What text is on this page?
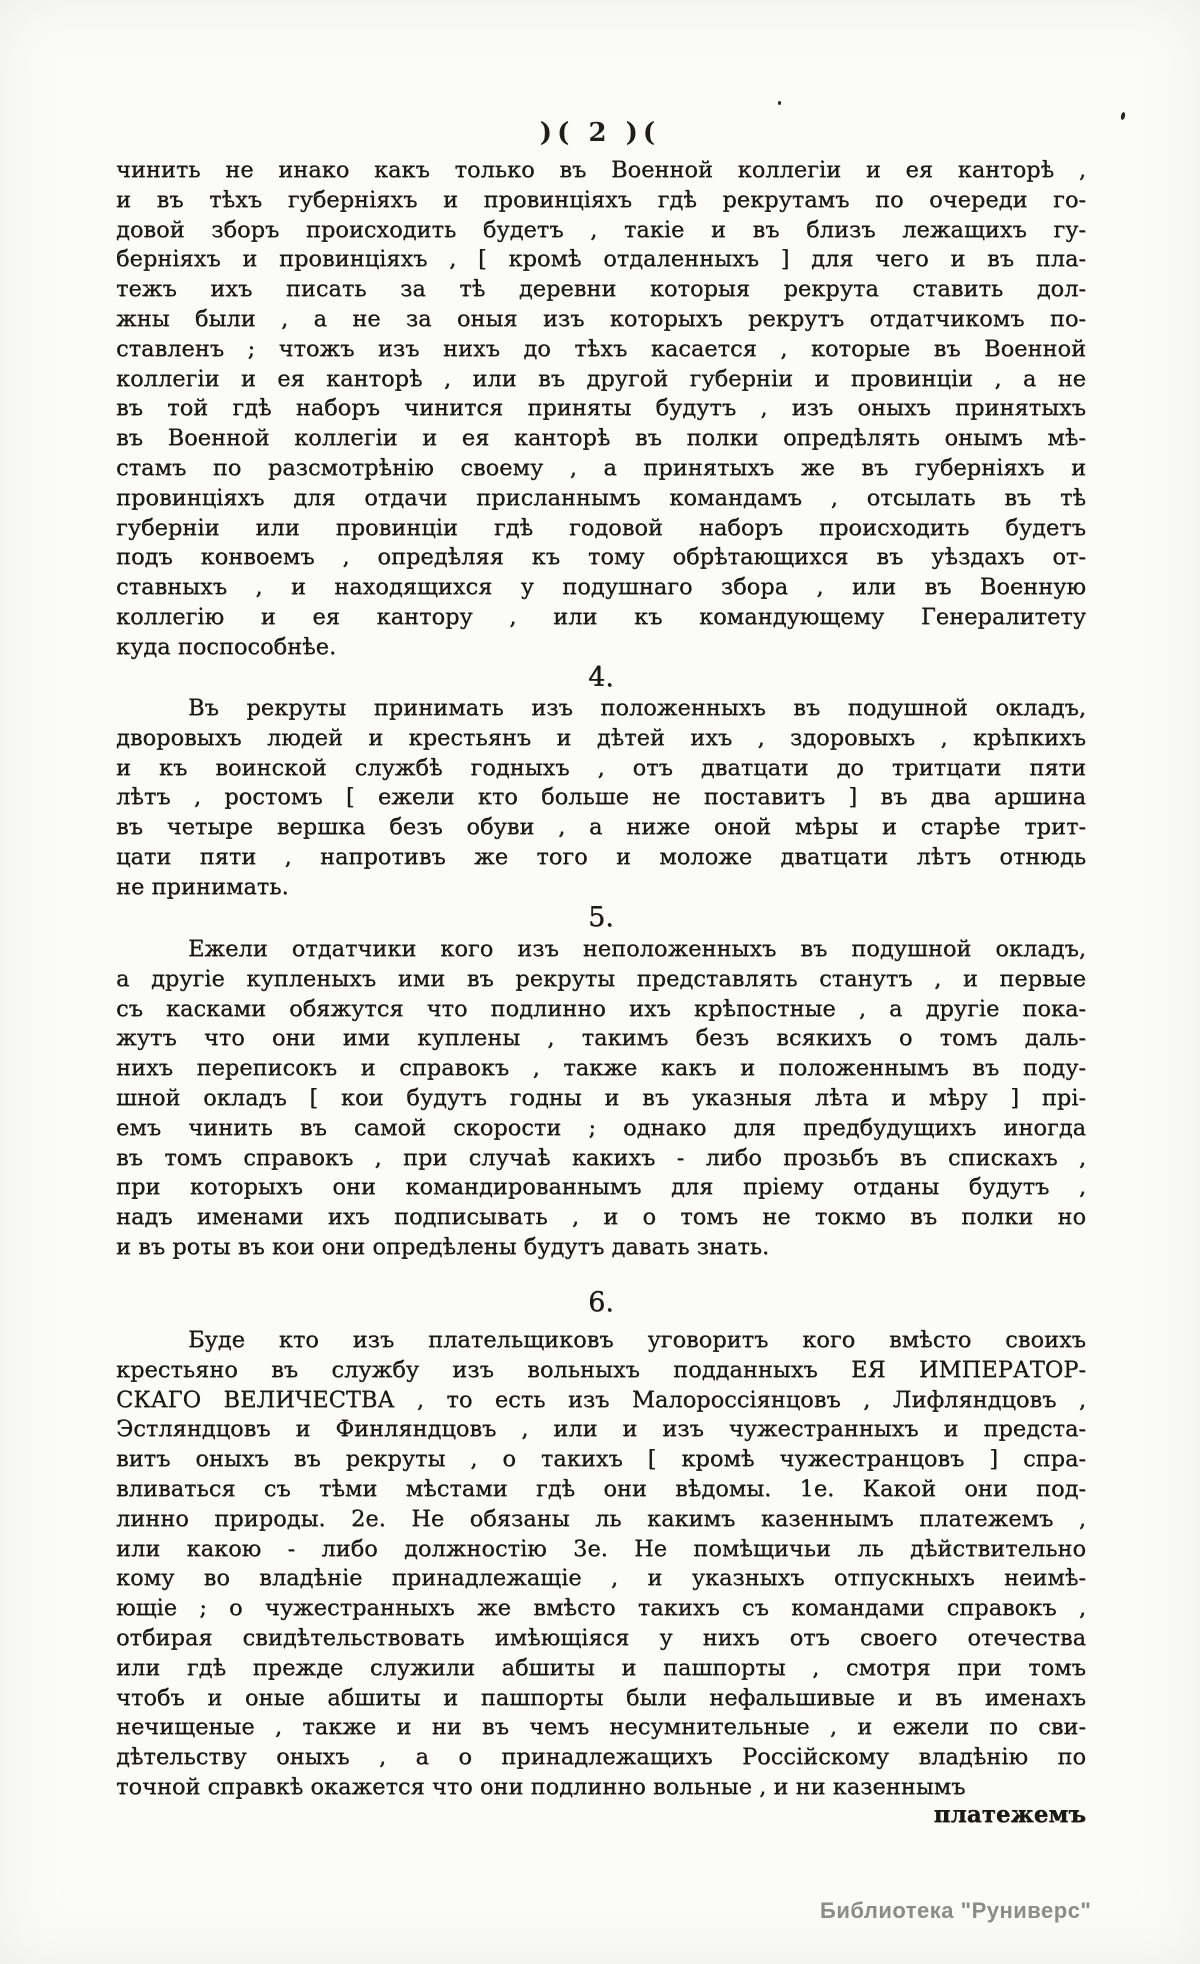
)( 2 )(
чинить не инако какъ только въ Военной коллегіи и ея канторѣ ,
и въ тѣхъ губерніяхъ и провинціяхъ гдѣ рекрутамъ по очереди го-
довой зборъ происходить будетъ , такіе и въ близъ лежащихъ гу-
берніяхъ и провинціяхъ , [ кромѣ отдаленныхъ ] для чего и въ пла-
тежъ ихъ писать за тѣ деревни которыя рекрута ставить дол-
жны были , а не за оныя изъ которыхъ рекрутъ отдатчикомъ по-
ставленъ ; чтожъ изъ нихъ до тѣхъ касается , которые въ Военной
коллегіи и ея канторѣ , или въ другой губерніи и провинціи , а не
въ той гдѣ наборъ чинится приняты будутъ , изъ оныхъ принятыхъ
въ Военной коллегіи и ея канторѣ въ полки опредѣлять онымъ мѣ-
стамъ по разсмотрѣнію своему , а принятыхъ же въ губерніяхъ и
провинціяхъ для отдачи присланнымъ командамъ , отсылать въ тѣ
губерніи или провинціи гдѣ годовой наборъ происходить будетъ
подъ конвоемъ , опредѣляя къ тому обрѣтающихся въ уѣздахъ от-
ставныхъ , и находящихся у подушнаго збора , или въ Военную
коллегію и ея кантору , или къ командующему Генералитету
куда поспособнѣе.
4.
Въ рекруты принимать изъ положенныхъ въ подушной окладъ,
дворовыхъ людей и крестьянъ и дѣтей ихъ , здоровыхъ , крѣпкихъ
и къ воинской службѣ годныхъ , отъ дватцати до тритцати пяти
лѣтъ , ростомъ [ ежели кто больше не поставитъ ] въ два аршина
въ четыре вершка безъ обуви , а ниже оной мѣры и старѣе трит-
цати пяти , напротивъ же того и моложе дватцати лѣтъ отнюдь
не принимать.
5.
Ежели отдатчики кого изъ неположенныхъ въ подушной окладъ,
а другіе купленыхъ ими въ рекруты представлять станутъ , и первые
съ касками обяжутся что подлинно ихъ крѣпостные , а другіе пока-
жутъ что они ими куплены , такимъ безъ всякихъ о томъ даль-
нихъ переписокъ и справокъ , также какъ и положеннымъ въ поду-
шной окладъ [ кои будутъ годны и въ указныя лѣта и мѣру ] прі-
емъ чинить въ самой скорости ; однако для предбудущихъ иногда
въ томъ справокъ , при случаѣ какихъ - либо прозьбъ въ спискахъ ,
при которыхъ они командированнымъ для пріему отданы будутъ ,
надъ именами ихъ подписывать , и о томъ не токмо въ полки но
и въ роты въ кои они опредѣлены будутъ давать знать.
6.
Буде кто изъ плательщиковъ уговоритъ кого вмѣсто своихъ
крестьяно въ службу изъ вольныхъ подданныхъ ЕЯ ИМПЕРАТОР-
СКАГО ВЕЛИЧЕСТВА , то есть изъ Малороссіянцовъ , Лифляндцовъ ,
Эстляндцовъ и Финляндцовъ , или и изъ чужестранныхъ и предста-
витъ оныхъ въ рекруты , о такихъ [ кромѣ чужестранцовъ ] спра-
вливаться съ тѣми мѣстами гдѣ они вѣдомы. 1е. Какой они под-
линно природы. 2е. Не обязаны ль какимъ казеннымъ платежемъ ,
или какою - либо должностію 3е. Не помѣщичьи ль дѣйствительно
кому во владѣніе принадлежащіе , и указныхъ отпускныхъ неимѣ-
ющіе ; о чужестранныхъ же вмѣсто такихъ съ командами справокъ ,
отбирая свидѣтельствовать имѣющіяся у нихъ отъ своего отечества
или гдѣ прежде служили абшиты и пашпорты , смотря при томъ
чтобъ и оные абшиты и пашпорты были нефальшивые и въ именахъ
нечищеные , также и ни въ чемъ несумнительные , и ежели по сви-
дѣтельству оныхъ , а о принадлежащихъ Россійскому владѣнію по
точной справкѣ окажется что они подлинно вольные , и ни казеннымъ
платежемъ
Библиотека "Руниверс"
